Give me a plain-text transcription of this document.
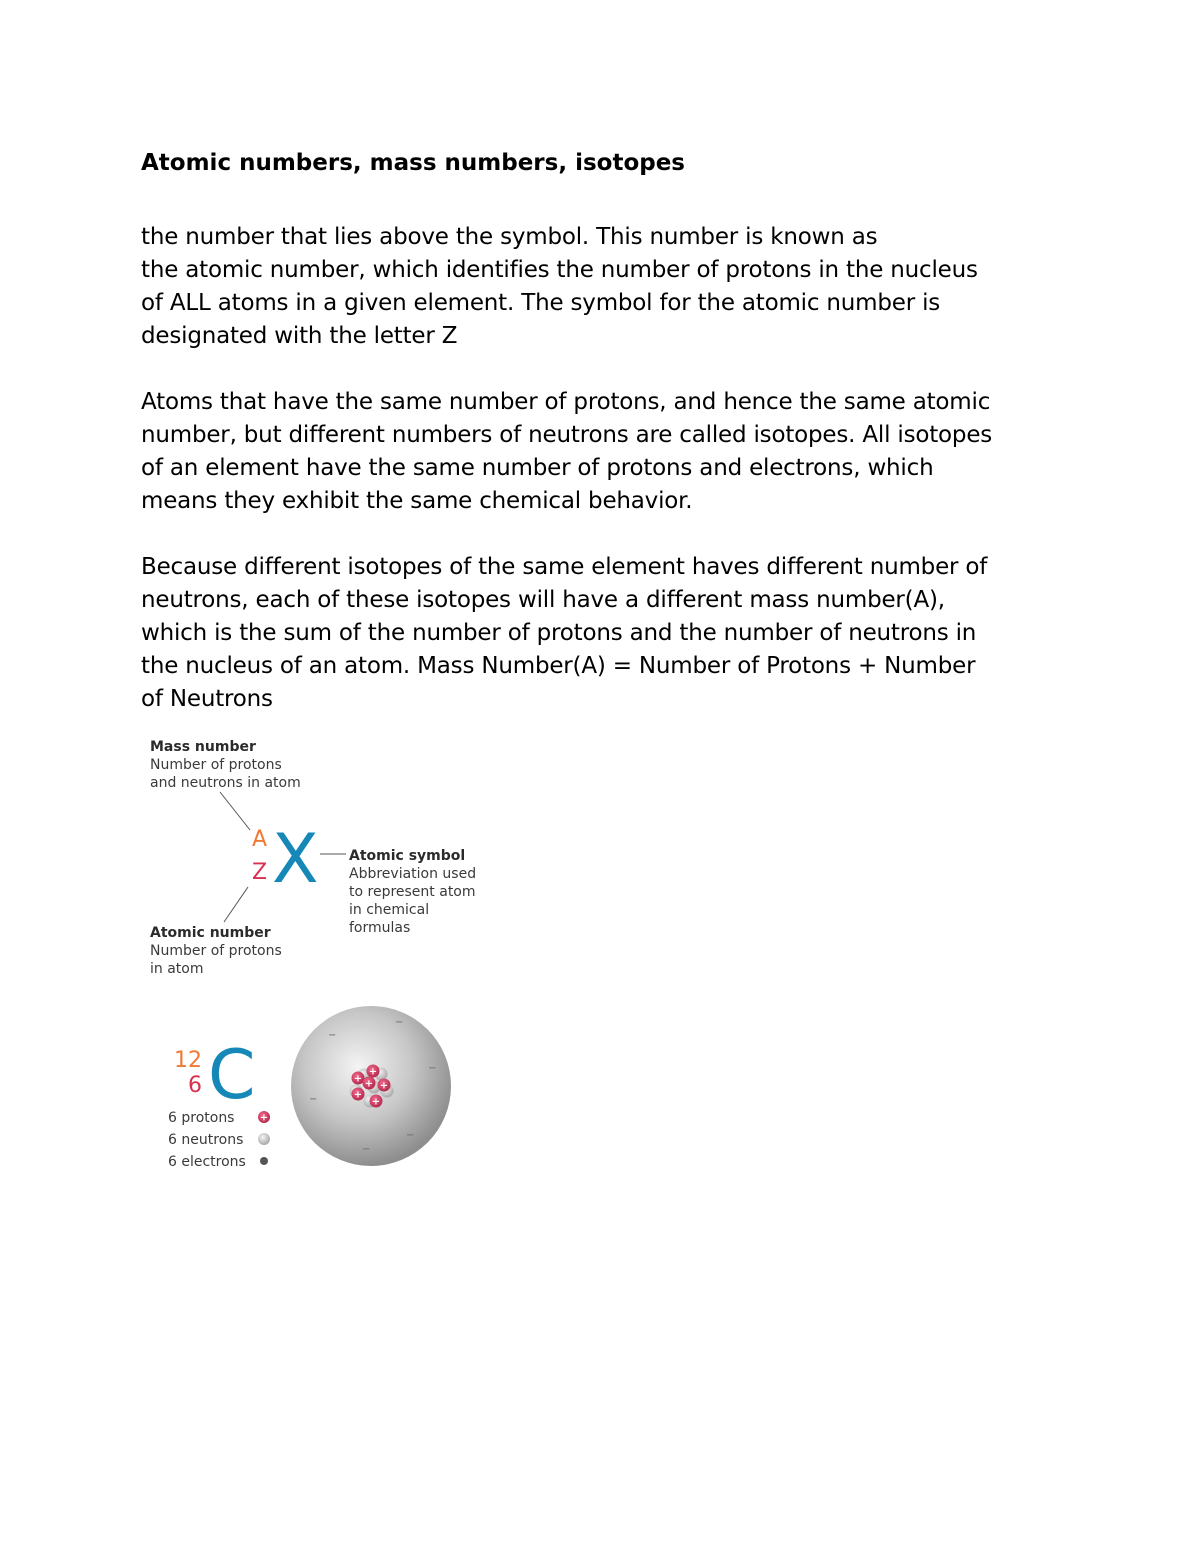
Atomic numbers, mass numbers, isotopes
the number that lies above the symbol. This number is known as
the atomic number, which identifies the number of protons in the nucleus
of ALL atoms in a given element. The symbol for the atomic number is
designated with the letter Z
Atoms that have the same number of protons, and hence the same atomic
number, but different numbers of neutrons are called isotopes. All isotopes
of an element have the same number of protons and electrons, which
means they exhibit the same chemical behavior.
Because different isotopes of the same element haves different number of
neutrons, each of these isotopes will have a different mass number(A),
which is the sum of the number of protons and the number of neutrons in
the nucleus of an atom. Mass Number(A) = Number of Protons + Number
of Neutrons
Mass number
Number of protons
and neutrons in atom
A
Z X Atomic symbol
Abbreviation used
to represent atom
in chemical
formulas
Atomic number
Number of protons
in atom
12
6 C
6 protons
6 neutrons
6 electrons
+
−
−
−
−
−
−
+
+
+ +
+
+
